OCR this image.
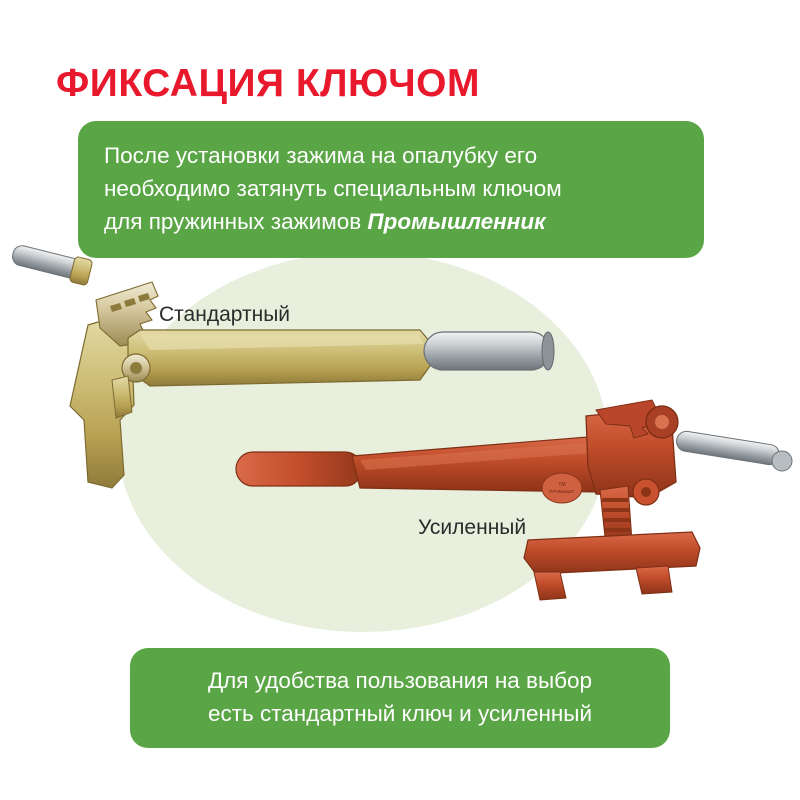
ФИКСАЦИЯ КЛЮЧОМ
ТМ
ПРОМЫШЛ.
Стандартный
Усиленный

После установки зажима на опалубку его

необходимо затянуть специальным ключом

для пружинных зажимов Промышленник

Для удобства пользования на выбор

есть стандартный ключ и усиленный
